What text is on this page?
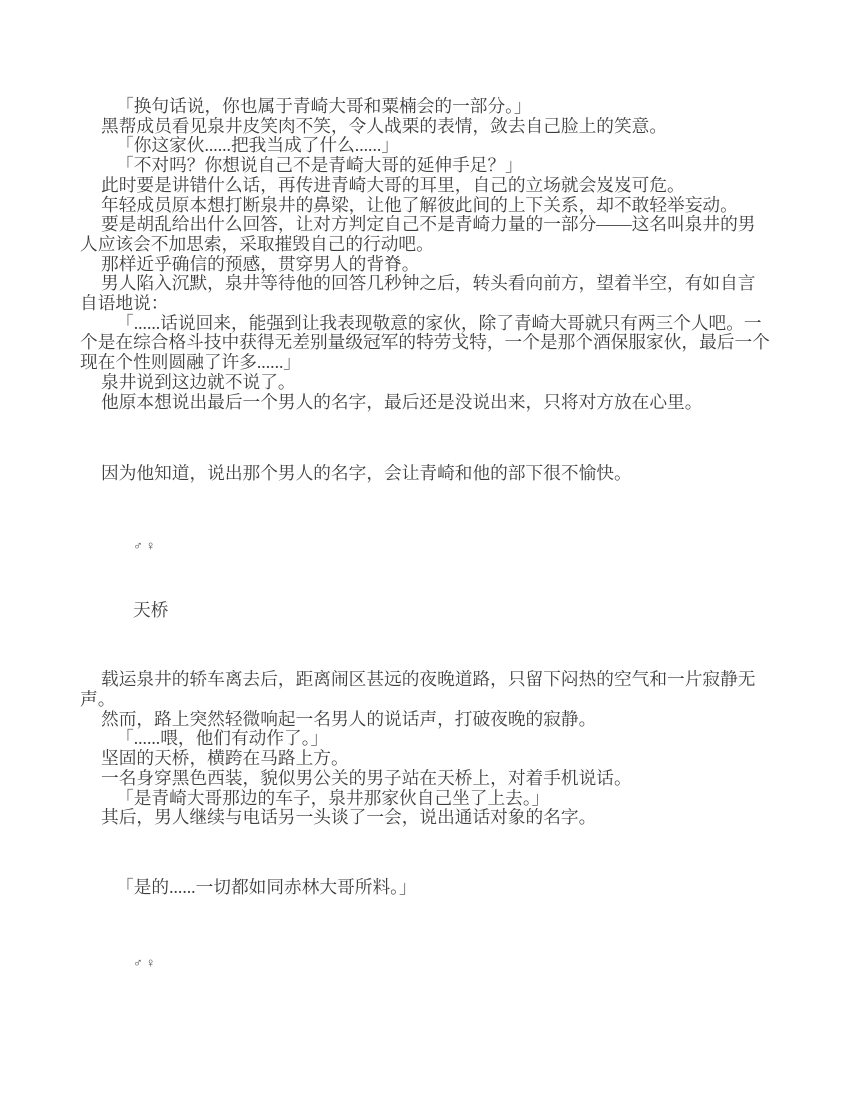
「换句话说，你也属于青崎大哥和粟楠会的一部分。」

黑帮成员看见泉井皮笑肉不笑，令人战栗的表情，敛去自己脸上的笑意。

「你这家伙......把我当成了什么......」

「不对吗？你想说自己不是青崎大哥的延伸手足？」

此时要是讲错什么话，再传进青崎大哥的耳里，自己的立场就会岌岌可危。

年轻成员原本想打断泉井的鼻梁，让他了解彼此间的上下关系，却不敢轻举妄动。

要是胡乱给出什么回答，让对方判定自己不是青崎力量的一部分——这名叫泉井的男人应该会不加思索，采取摧毁自己的行动吧。

那样近乎确信的预感，贯穿男人的背脊。

男人陷入沉默，泉井等待他的回答几秒钟之后，转头看向前方，望着半空，有如自言自语地说：

「......话说回来，能强到让我表现敬意的家伙，除了青崎大哥就只有两三个人吧。一个是在综合格斗技中获得无差别量级冠军的特劳戈特，一个是那个酒保服家伙，最后一个现在个性则圆融了许多......」

泉井说到这边就不说了。

他原本想说出最后一个男人的名字，最后还是没说出来，只将对方放在心里。

因为他知道，说出那个男人的名字，会让青崎和他的部下很不愉快。

♂♀

天桥

载运泉井的轿车离去后，距离闹区甚远的夜晚道路，只留下闷热的空气和一片寂静无声。

然而，路上突然轻微响起一名男人的说话声，打破夜晚的寂静。

「......喂，他们有动作了。」

坚固的天桥，横跨在马路上方。

一名身穿黑色西装，貌似男公关的男子站在天桥上，对着手机说话。

「是青崎大哥那边的车子，泉井那家伙自己坐了上去。」

其后，男人继续与电话另一头谈了一会，说出通话对象的名字。

「是的......一切都如同赤林大哥所料。」

♂♀
